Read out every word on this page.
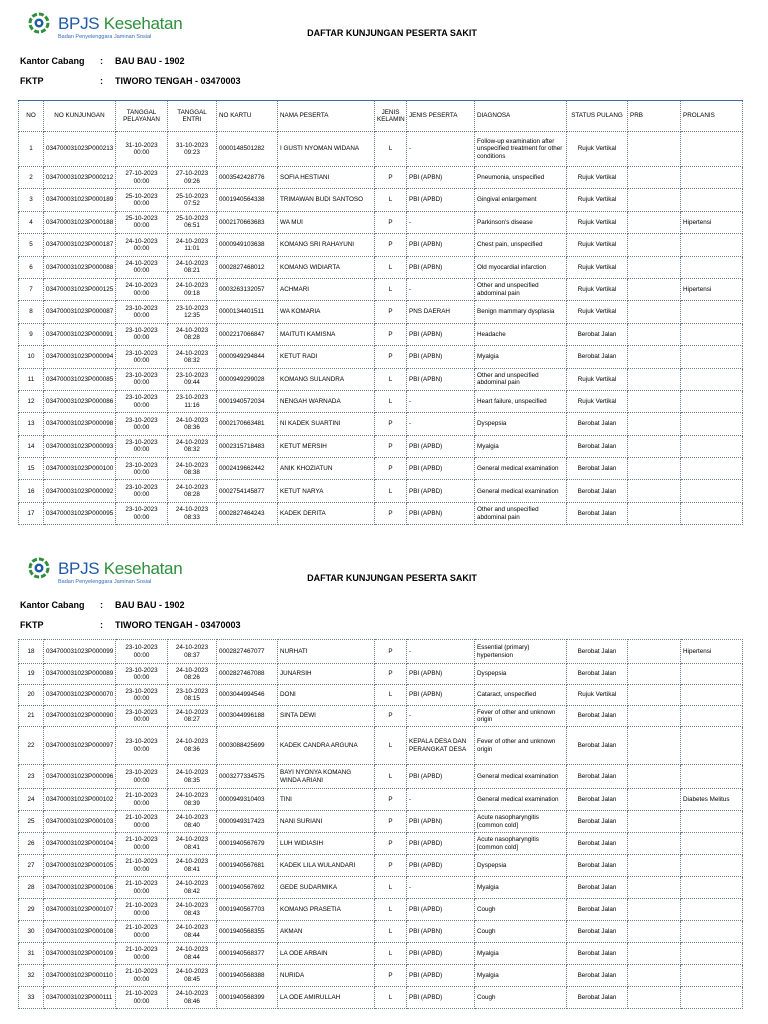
BPJS Kesehatan
Badan Penyelenggara Jaminan Sosial	DAFTAR KUNJUNGAN PESERTA SAKIT
Kantor Cabang : BAU BAU - 1902
FKTP	: TIWORO TENGAH - 03470003
NO	NO KUNJUNGAN	TANGGAL PELAYANAN	TANGGAL ENTRI	NO KARTU	NAMA PESERTA	JENIS KELAMIN	JENIS PESERTA	DIAGNOSA	STATUS PULANG	PRB	PROLANIS
1	034700031023P000213	31-10-2023 00:00	31-10-2023 09:23	0000148501282	I GUSTI NYOMAN WIDANA	L	-	Follow-up examination after unspecified treatment for other conditions	Rujuk Vertikal		
2	034700031023P000212	27-10-2023 00:00	27-10-2023 09:26	0003542428776	SOFIA HESTIANI	P	PBI (APBN)	Pneumonia, unspecified	Rujuk Vertikal		
3	034700031023P000189	25-10-2023 00:00	25-10-2023 07:52	0001940564338	TRIMAWAN BUDI SANTOSO	L	PBI (APBD)	Gingival enlargement	Rujuk Vertikal		
4	034700031023P000188	25-10-2023 00:00	25-10-2023 06:51	0002170663683	WA MUI	P	-	Parkinson's disease	Rujuk Vertikal		Hipertensi
5	034700031023P000187	24-10-2023 00:00	24-10-2023 11:01	0000949103638	KOMANG SRI RAHAYUNI	P	PBI (APBN)	Chest pain, unspecified	Rujuk Vertikal		
6	034700031023P000088	24-10-2023 00:00	24-10-2023 08:21	0002827468012	KOMANG WIDIARTA	L	PBI (APBN)	Old myocardial infarction	Rujuk Vertikal		
7	034700031023P000125	24-10-2023 00:00	24-10-2023 09:18	0003263132057	ACHMARI	L	-	Other and unspecified abdominal pain	Rujuk Vertikal		Hipertensi
8	034700031023P000087	23-10-2023 00:00	23-10-2023 12:35	0000134401511	WA KOMARIA	P	PNS DAERAH	Benign mammary dysplasia	Rujuk Vertikal		
9	034700031023P000091	23-10-2023 00:00	24-10-2023 08:28	0002217066847	MAITUTI KAMISNA	P	PBI (APBN)	Headache	Berobat Jalan		
10	034700031023P000094	23-10-2023 00:00	24-10-2023 08:32	0000949294844	KETUT RADI	P	PBI (APBN)	Myalgia	Berobat Jalan		
11	034700031023P000085	23-10-2023 00:00	23-10-2023 09:44	0000949299028	KOMANG SULANDRA	L	PBI (APBN)	Other and unspecified abdominal pain	Rujuk Vertikal		
12	034700031023P000086	23-10-2023 00:00	23-10-2023 11:16	0001940572034	NENGAH WARNADA	L	-	Heart failure, unspecified	Rujuk Vertikal		
13	034700031023P000098	23-10-2023 00:00	24-10-2023 08:36	0002170663481	NI KADEK SUARTINI	P	-	Dyspepsia	Berobat Jalan		
14	034700031023P000093	23-10-2023 00:00	24-10-2023 08:32	0002315718483	KETUT MERSIH	P	PBI (APBD)	Myalgia	Berobat Jalan		
15	034700031023P000100	23-10-2023 00:00	24-10-2023 08:38	0002419662442	ANIK KHOZIATUN	P	PBI (APBD)	General medical examination	Berobat Jalan		
16	034700031023P000092	23-10-2023 00:00	24-10-2023 08:28	0002754145877	KETUT NARYA	L	PBI (APBD)	General medical examination	Berobat Jalan		
17	034700031023P000095	23-10-2023 00:00	24-10-2023 08:33	0002827464243	KADEK DERITA	P	PBI (APBN)	Other and unspecified abdominal pain	Berobat Jalan		
BPJS Kesehatan
Badan Penyelenggara Jaminan Sosial	DAFTAR KUNJUNGAN PESERTA SAKIT
Kantor Cabang : BAU BAU - 1902
FKTP	: TIWORO TENGAH - 03470003
18	034700031023P000099	23-10-2023 00:00	24-10-2023 08:37	0002827467077	NURHATI	P	-	Essential (primary) hypertension	Berobat Jalan		Hipertensi
19	034700031023P000089	23-10-2023 00:00	24-10-2023 08:26	0002827467088	JUNARSIH	P	PBI (APBN)	Dyspepsia	Berobat Jalan		
20	034700031023P000070	23-10-2023 00:00	23-10-2023 08:15	0003044994546	DONI	L	PBI (APBN)	Cataract, unspecified	Rujuk Vertikal		
21	034700031023P000090	23-10-2023 00:00	24-10-2023 08:27	0003044996188	SINTA DEWI	P	-	Fever of other and unknown origin	Berobat Jalan		
22	034700031023P000097	23-10-2023 00:00	24-10-2023 08:36	0003088425699	KADEK CANDRA ARGUNA	L	KEPALA DESA DAN PERANGKAT DESA	Fever of other and unknown origin	Berobat Jalan		
23	034700031023P000096	23-10-2023 00:00	24-10-2023 08:35	0003277334575	BAYI NYONYA KOMANG WINDA ARIANI	L	PBI (APBD)	General medical examination	Berobat Jalan		
24	034700031023P000102	21-10-2023 00:00	24-10-2023 08:39	0000949310403	TINI	P	-	General medical examination	Berobat Jalan		Diabetes Melitus
25	034700031023P000103	21-10-2023 00:00	24-10-2023 08:40	0000949317423	NANI SURIANI	P	PBI (APBN)	Acute nasopharyngitis [common cold]	Berobat Jalan		
26	034700031023P000104	21-10-2023 00:00	24-10-2023 08:41	0001940567679	LUH WIDIASIH	P	PBI (APBD)	Acute nasopharyngitis [common cold]	Berobat Jalan		
27	034700031023P000105	21-10-2023 00:00	24-10-2023 08:41	0001940567681	KADEK LILA WULANDARI	P	PBI (APBD)	Dyspepsia	Berobat Jalan		
28	034700031023P000106	21-10-2023 00:00	24-10-2023 08:42	0001940567692	GEDE SUDARMIKA	L	-	Myalgia	Berobat Jalan		
29	034700031023P000107	21-10-2023 00:00	24-10-2023 08:43	0001940567703	KOMANG PRASETIA	L	PBI (APBD)	Cough	Berobat Jalan		
30	034700031023P000108	21-10-2023 00:00	24-10-2023 08:44	0001940568355	AKMAN	L	PBI (APBN)	Cough	Berobat Jalan		
31	034700031023P000109	21-10-2023 00:00	24-10-2023 08:44	0001940568377	LA ODE ARBAIN	L	PBI (APBD)	Myalgia	Berobat Jalan		
32	034700031023P000110	21-10-2023 00:00	24-10-2023 08:45	0001940568388	NURIDA	P	PBI (APBD)	Myalgia	Berobat Jalan		
33	034700031023P000111	21-10-2023 00:00	24-10-2023 08:46	0001940568399	LA ODE AMIRULLAH	L	PBI (APBD)	Cough	Berobat Jalan		
